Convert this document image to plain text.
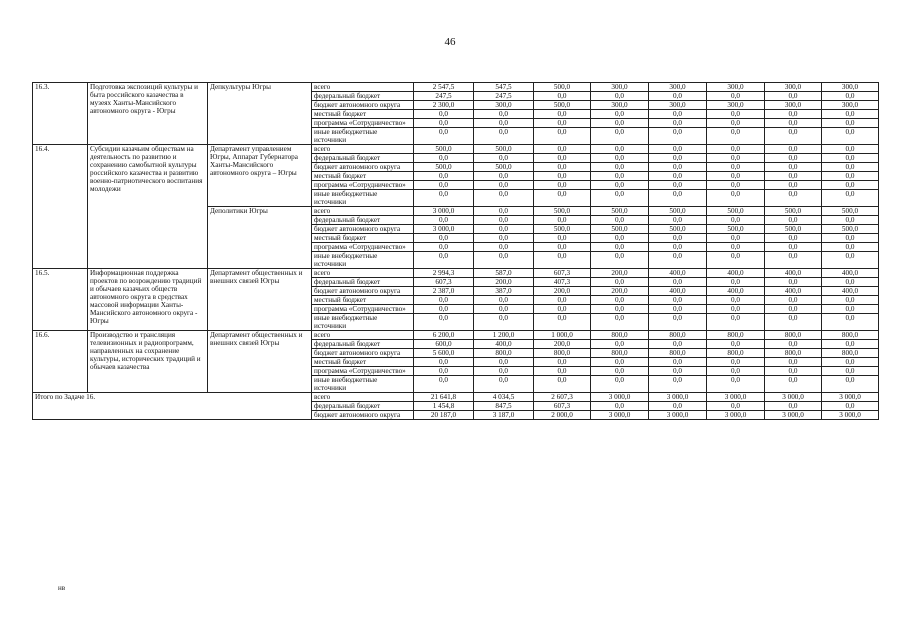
46
16.3.	Подготовка экспозиций культуры и быта российского казачества в музеях Ханты-Мансийского автономного округа - Югры	Депкультуры Югры	всего	2 547,5	547,5	500,0	300,0	300,0	300,0	300,0	300,0
			федеральный бюджет	247,5	247,5	0,0	0,0	0,0	0,0	0,0	0,0
			бюджет автономного округа	2 300,0	300,0	500,0	300,0	300,0	300,0	300,0	300,0
			местный бюджет	0,0	0,0	0,0	0,0	0,0	0,0	0,0	0,0
			программа «Сотрудничество»	0,0	0,0	0,0	0,0	0,0	0,0	0,0	0,0
			иные внебюджетные источники	0,0	0,0	0,0	0,0	0,0	0,0	0,0	0,0
16.4.	Субсидии казачьим обществам на деятельность по развитию и сохранению самобытной культуры российского казачества и развитию военно-патриотического воспитания молодежи	Департамент управлением Югры, Аппарат Губернатора Ханты-Мансийского автономного округа – Югры	всего	500,0	500,0	0,0	0,0	0,0	0,0	0,0	0,0
			федеральный бюджет	0,0	0,0	0,0	0,0	0,0	0,0	0,0	0,0
			бюджет автономного округа	500,0	500,0	0,0	0,0	0,0	0,0	0,0	0,0
			местный бюджет	0,0	0,0	0,0	0,0	0,0	0,0	0,0	0,0
			программа «Сотрудничество»	0,0	0,0	0,0	0,0	0,0	0,0	0,0	0,0
			иные внебюджетные источники	0,0	0,0	0,0	0,0	0,0	0,0	0,0	0,0
		Деполитики Югры	всего	3 000,0	0,0	500,0	500,0	500,0	500,0	500,0	500,0
			федеральный бюджет	0,0	0,0	0,0	0,0	0,0	0,0	0,0	0,0
			бюджет автономного округа	3 000,0	0,0	500,0	500,0	500,0	500,0	500,0	500,0
			местный бюджет	0,0	0,0	0,0	0,0	0,0	0,0	0,0	0,0
			программа «Сотрудничество»	0,0	0,0	0,0	0,0	0,0	0,0	0,0	0,0
			иные внебюджетные источники	0,0	0,0	0,0	0,0	0,0	0,0	0,0	0,0
16.5.	Информационная поддержка проектов по возрождению традиций и обычаев казачьих обществ автономного округа в средствах массовой информации Ханты-Мансийского автономного округа - Югры	Департамент общественных и внешних связей Югры	всего	2 994,3	587,0	607,3	200,0	400,0	400,0	400,0	400,0
			федеральный бюджет	607,3	200,0	407,3	0,0	0,0	0,0	0,0	0,0
			бюджет автономного округа	2 387,0	387,0	200,0	200,0	400,0	400,0	400,0	400,0
			местный бюджет	0,0	0,0	0,0	0,0	0,0	0,0	0,0	0,0
			программа «Сотрудничество»	0,0	0,0	0,0	0,0	0,0	0,0	0,0	0,0
			иные внебюджетные источники	0,0	0,0	0,0	0,0	0,0	0,0	0,0	0,0
16.6.	Производство и трансляция телевизионных и радиопрограмм, направленных на сохранение культуры, исторических традиций и обычаев казачества	Департамент общественных и внешних связей Югры	всего	6 200,0	1 200,0	1 000,0	800,0	800,0	800,0	800,0	800,0
			федеральный бюджет	600,0	400,0	200,0	0,0	0,0	0,0	0,0	0,0
			бюджет автономного округа	5 600,0	800,0	800,0	800,0	800,0	800,0	800,0	800,0
			местный бюджет	0,0	0,0	0,0	0,0	0,0	0,0	0,0	0,0
			программа «Сотрудничество»	0,0	0,0	0,0	0,0	0,0	0,0	0,0	0,0
			иные внебюджетные источники	0,0	0,0	0,0	0,0	0,0	0,0	0,0	0,0
Итого по Задаче 16.			всего	21 641,8	4 034,5	2 607,3	3 000,0	3 000,0	3 000,0	3 000,0	3 000,0
			федеральный бюджет	1 454,8	847,5	607,3	0,0	0,0	0,0	0,0	0,0
			бюджет автономного округа	20 187,0	3 187,0	2 000,0	3 000,0	3 000,0	3 000,0	3 000,0	3 000,0
нв
